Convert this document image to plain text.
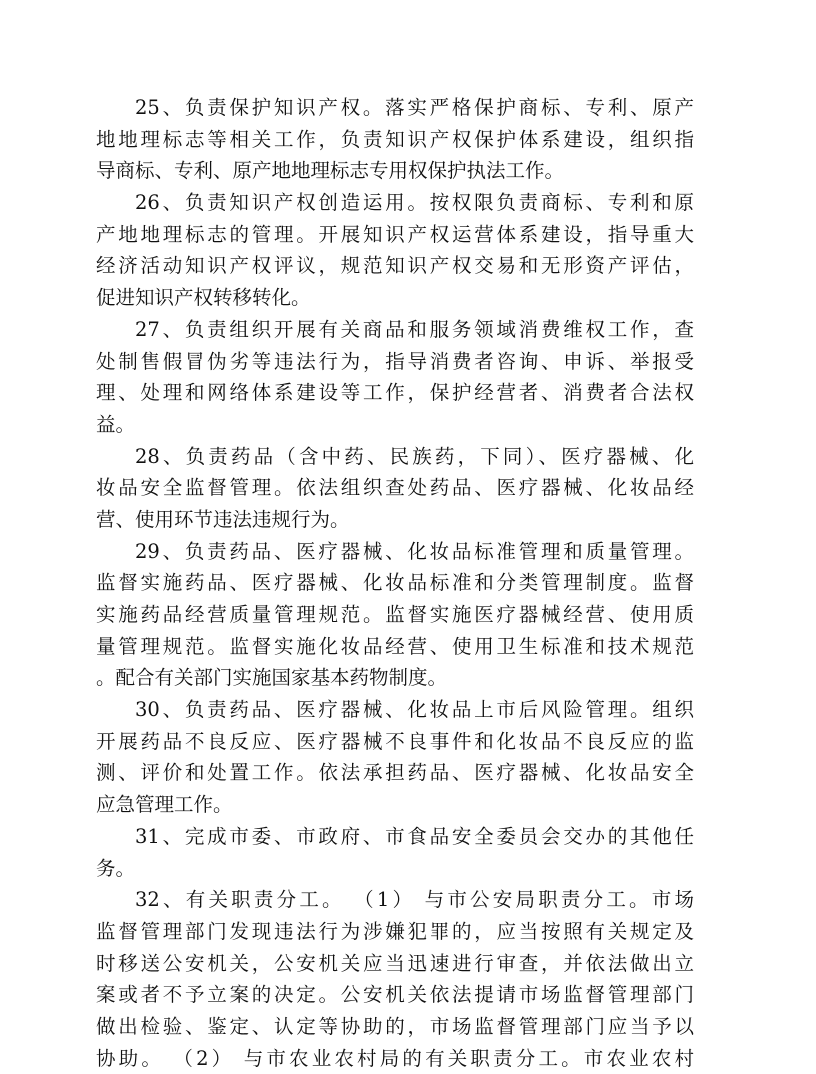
25、负责保护知识产权。落实严格保护商标、专利、原产
地地理标志等相关工作，负责知识产权保护体系建设，组织指
导商标、专利、原产地地理标志专用权保护执法工作。
26、负责知识产权创造运用。按权限负责商标、专利和原
产地地理标志的管理。开展知识产权运营体系建设，指导重大
经济活动知识产权评议，规范知识产权交易和无形资产评估，
促进知识产权转移转化。
27、负责组织开展有关商品和服务领域消费维权工作，查
处制售假冒伪劣等违法行为，指导消费者咨询、申诉、举报受
理、处理和网络体系建设等工作，保护经营者、消费者合法权
益。
28、负责药品（含中药、民族药，下同）、医疗器械、化
妆品安全监督管理。依法组织查处药品、医疗器械、化妆品经
营、使用环节违法违规行为。
29、负责药品、医疗器械、化妆品标准管理和质量管理。
监督实施药品、医疗器械、化妆品标准和分类管理制度。监督
实施药品经营质量管理规范。监督实施医疗器械经营、使用质
量管理规范。监督实施化妆品经营、使用卫生标准和技术规范
。配合有关部门实施国家基本药物制度。
30、负责药品、医疗器械、化妆品上市后风险管理。组织
开展药品不良反应、医疗器械不良事件和化妆品不良反应的监
测、评价和处置工作。依法承担药品、医疗器械、化妆品安全
应急管理工作。
31、完成市委、市政府、市食品安全委员会交办的其他任
务。
32、有关职责分工。 （1） 与市公安局职责分工。市场
监督管理部门发现违法行为涉嫌犯罪的，应当按照有关规定及
时移送公安机关，公安机关应当迅速进行审查，并依法做出立
案或者不予立案的决定。公安机关依法提请市场监督管理部门
做出检验、鉴定、认定等协助的，市场监督管理部门应当予以
协助。 （2） 与市农业农村局的有关职责分工。市农业农村
